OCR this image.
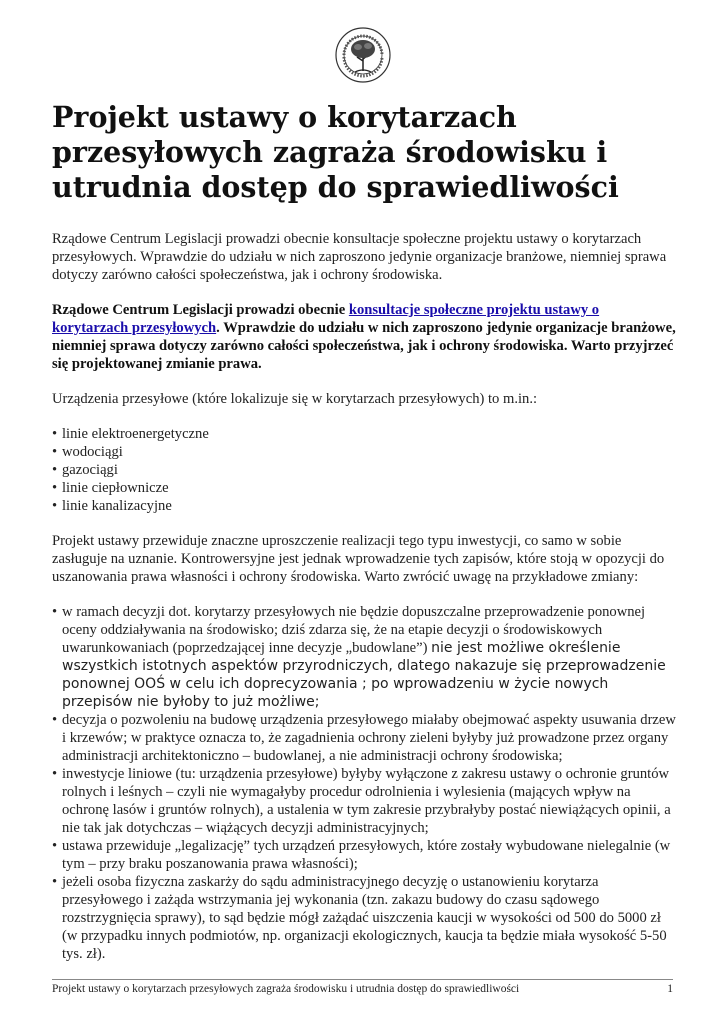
Projekt ustawy o korytarzach przesyłowych zagraża środowisku i utrudnia dostęp do sprawiedliwości

Rządowe Centrum Legislacji prowadzi obecnie konsultacje społeczne projektu ustawy o korytarzach przesyłowych. Wprawdzie do udziału w nich zaproszono jedynie organizacje branżowe, niemniej sprawa dotyczy zarówno całości społeczeństwa, jak i ochrony środowiska.

Rządowe Centrum Legislacji prowadzi obecnie konsultacje społeczne projektu ustawy o korytarzach przesyłowych. Wprawdzie do udziału w nich zaproszono jedynie organizacje branżowe, niemniej sprawa dotyczy zarówno całości społeczeństwa, jak i ochrony środowiska. Warto przyjrzeć się projektowanej zmianie prawa.

Urządzenia przesyłowe (które lokalizuje się w korytarzach przesyłowych) to m.in.:

• linie elektroenergetyczne
• wodociągi
• gazociągi
• linie ciepłownicze
• linie kanalizacyjne

Projekt ustawy przewiduje znaczne uproszczenie realizacji tego typu inwestycji, co samo w sobie zasługuje na uznanie. Kontrowersyjne jest jednak wprowadzenie tych zapisów, które stoją w opozycji do uszanowania prawa własności i ochrony środowiska. Warto zwrócić uwagę na przykładowe zmiany:

• w ramach decyzji dot. korytarzy przesyłowych nie będzie dopuszczalne przeprowadzenie ponownej oceny oddziaływania na środowisko; dziś zdarza się, że na etapie decyzji o środowiskowych uwarunkowaniach (poprzedzającej inne decyzje „budowlane”) nie jest możliwe określenie wszystkich istotnych aspektów przyrodniczych, dlatego nakazuje się przeprowadzenie ponownej OOŚ w celu ich doprecyzowania ; po wprowadzeniu w życie nowych przepisów nie byłoby to już możliwe;
• decyzja o pozwoleniu na budowę urządzenia przesyłowego miałaby obejmować aspekty usuwania drzew i krzewów; w praktyce oznacza to, że zagadnienia ochrony zieleni byłyby już prowadzone przez organy administracji architektoniczno – budowlanej, a nie administracji ochrony środowiska;
• inwestycje liniowe (tu: urządzenia przesyłowe) byłyby wyłączone z zakresu ustawy o ochronie gruntów rolnych i leśnych – czyli nie wymagałyby procedur odrolnienia i wylesienia (mających wpływ na ochronę lasów i gruntów rolnych), a ustalenia w tym zakresie przybrałyby postać niewiążących opinii, a nie tak jak dotychczas – wiążących decyzji administracyjnych;
• ustawa przewiduje „legalizację” tych urządzeń przesyłowych, które zostały wybudowane nielegalnie (w tym – przy braku poszanowania prawa własności);
• jeżeli osoba fizyczna zaskarży do sądu administracyjnego decyzję o ustanowieniu korytarza przesyłowego i zażąda wstrzymania jej wykonania (tzn. zakazu budowy do czasu sądowego rozstrzygnięcia sprawy), to sąd będzie mógł zażądać uiszczenia kaucji w wysokości od 500 do 5000 zł (w przypadku innych podmiotów, np. organizacji ekologicznych, kaucja ta będzie miała wysokość 5-50 tys. zł).
Projekt ustawy o korytarzach przesyłowych zagraża środowisku i utrudnia dostęp do sprawiedliwości	1
